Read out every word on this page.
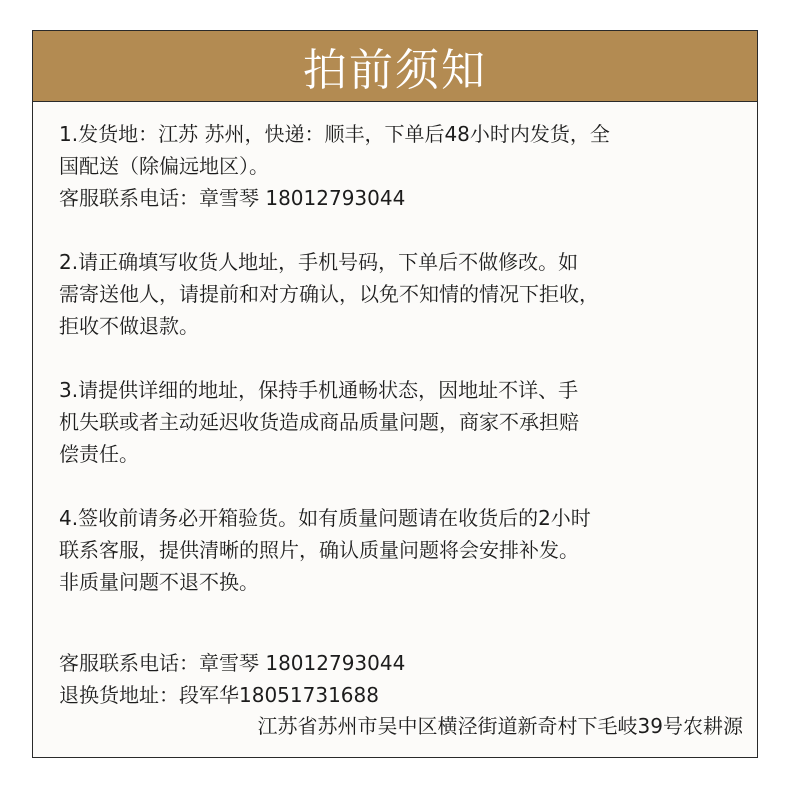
拍前须知
1.发货地：江苏 苏州，快递：顺丰，下单后48小时内发货，全
国配送（除偏远地区）。
客服联系电话：章雪琴 18012793044
2.请正确填写收货人地址，手机号码，下单后不做修改。如
需寄送他人，请提前和对方确认，以免不知情的情况下拒收，
拒收不做退款。
3.请提供详细的地址，保持手机通畅状态，因地址不详、手
机失联或者主动延迟收货造成商品质量问题，商家不承担赔
偿责任。
4.签收前请务必开箱验货。如有质量问题请在收货后的2小时
联系客服，提供清晰的照片，确认质量问题将会安排补发。
非质量问题不退不换。
客服联系电话：章雪琴 18012793044
退换货地址：段军华18051731688
江苏省苏州市吴中区横泾街道新奇村下毛岐39号农耕源
